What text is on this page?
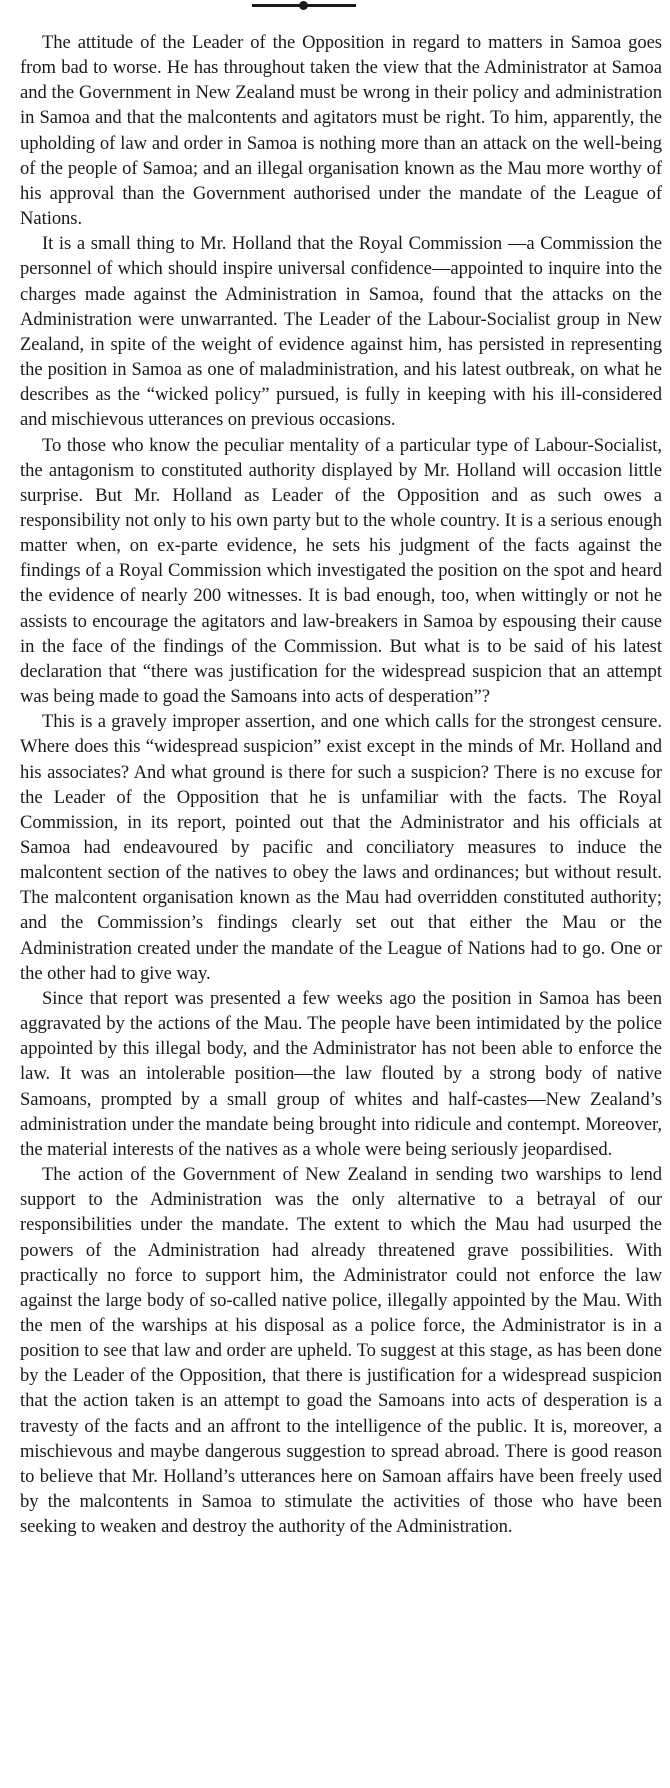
The attitude of the Leader of the Opposition in regard to matters in Samoa goes from bad to worse. He has throughout taken the view that the Administrator at Samoa and the Government in New Zealand must be wrong in their policy and administration in Samoa and that the malcontents and agitators must be right. To him, apparently, the upholding of law and order in Samoa is nothing more than an attack on the well-being of the people of Samoa; and an illegal organisation known as the Mau more worthy of his approval than the Government authorised under the mandate of the League of Nations.

It is a small thing to Mr. Holland that the Royal Commission —a Commission the personnel of which should inspire universal confidence—appointed to inquire into the charges made against the Administration in Samoa, found that the attacks on the Administration were unwarranted. The Leader of the Labour-Socialist group in New Zealand, in spite of the weight of evidence against him, has persisted in representing the position in Samoa as one of maladministration, and his latest outbreak, on what he describes as the “wicked policy” pursued, is fully in keeping with his ill-considered and mischievous utterances on previous occasions.

To those who know the peculiar mentality of a particular type of Labour-Socialist, the antagonism to constituted authority displayed by Mr. Holland will occasion little surprise. But Mr. Holland as Leader of the Opposition and as such owes a responsibility not only to his own party but to the whole country. It is a serious enough matter when, on ex-parte evidence, he sets his judgment of the facts against the findings of a Royal Commission which investigated the position on the spot and heard the evidence of nearly 200 witnesses. It is bad enough, too, when wittingly or not he assists to encourage the agitators and law-breakers in Samoa by espousing their cause in the face of the findings of the Commission. But what is to be said of his latest declaration that “there was justification for the widespread suspicion that an attempt was being made to goad the Samoans into acts of desperation”?

This is a gravely improper assertion, and one which calls for the strongest censure. Where does this “widespread suspicion” exist except in the minds of Mr. Holland and his associates? And what ground is there for such a suspicion? There is no excuse for the Leader of the Opposition that he is unfamiliar with the facts. The Royal Commission, in its report, pointed out that the Administrator and his officials at Samoa had endeavoured by pacific and conciliatory measures to induce the malcontent section of the natives to obey the laws and ordinances; but without result. The malcontent organisation known as the Mau had overridden constituted authority; and the Commission’s findings clearly set out that either the Mau or the Administration created under the mandate of the League of Nations had to go. One or the other had to give way.

Since that report was presented a few weeks ago the position in Samoa has been aggravated by the actions of the Mau. The people have been intimidated by the police appointed by this illegal body, and the Administrator has not been able to enforce the law. It was an intolerable position—the law flouted by a strong body of native Samoans, prompted by a small group of whites and half-castes—New Zealand’s administration under the mandate being brought into ridicule and contempt. Moreover, the material interests of the natives as a whole were being seriously jeopardised.

The action of the Government of New Zealand in sending two warships to lend support to the Administration was the only alternative to a betrayal of our responsibilities under the mandate. The extent to which the Mau had usurped the powers of the Administration had already threatened grave possibilities. With practically no force to support him, the Administrator could not enforce the law against the large body of so-called native police, illegally appointed by the Mau. With the men of the warships at his disposal as a police force, the Administrator is in a position to see that law and order are upheld. To suggest at this stage, as has been done by the Leader of the Opposition, that there is justification for a widespread suspicion that the action taken is an attempt to goad the Samoans into acts of desperation is a travesty of the facts and an affront to the intelligence of the public. It is, moreover, a mischievous and maybe dangerous suggestion to spread abroad. There is good reason to believe that Mr. Holland’s utterances here on Samoan affairs have been freely used by the malcontents in Samoa to stimulate the activities of those who have been seeking to weaken and destroy the authority of the Administration.
